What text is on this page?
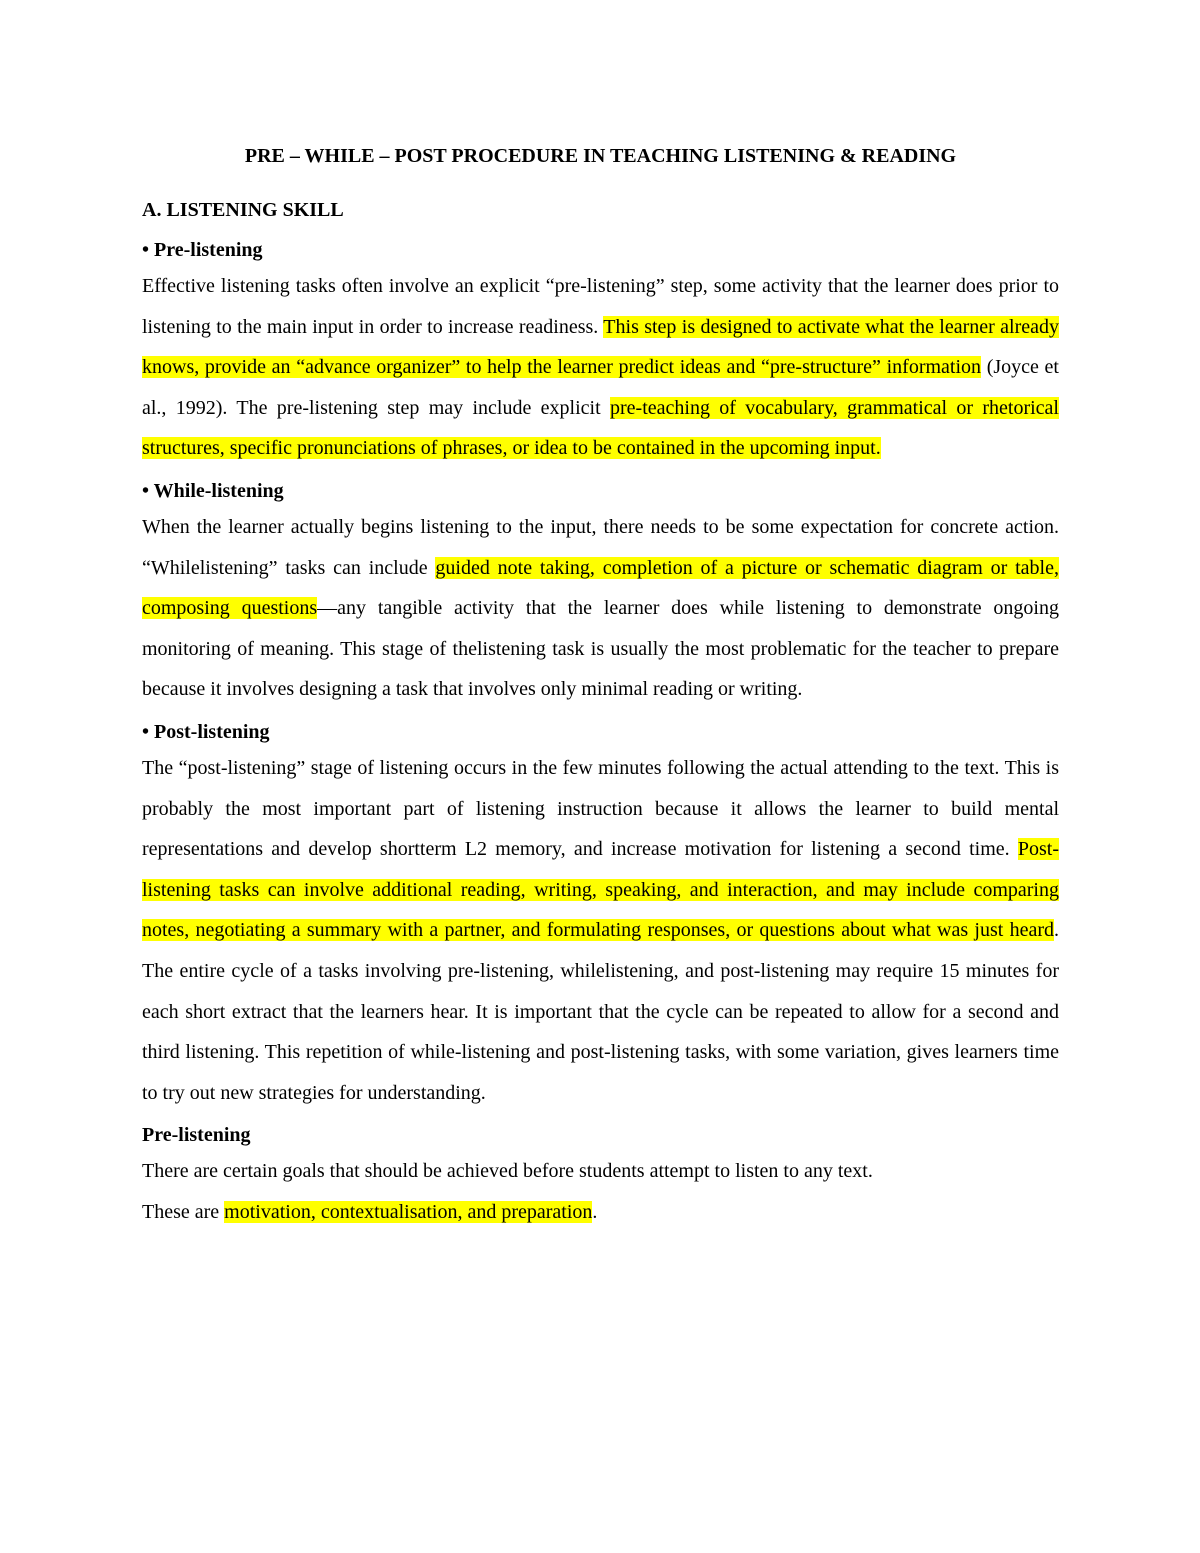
PRE – WHILE – POST PROCEDURE IN TEACHING LISTENING & READING
A. LISTENING SKILL
• Pre-listening

Effective listening tasks often involve an explicit “pre-listening” step, some activity that the learner does prior to listening to the main input in order to increase readiness. This step is designed to activate what the learner already knows, provide an “advance organizer” to help the learner predict ideas and “pre-structure” information (Joyce et al., 1992). The pre-listening step may include explicit pre-teaching of vocabulary, grammatical or rhetorical structures, specific pronunciations of phrases, or idea to be contained in the upcoming input.

• While-listening

When the learner actually begins listening to the input, there needs to be some expectation for concrete action. “Whilelistening” tasks can include guided note taking, completion of a picture or schematic diagram or table, composing questions—any tangible activity that the learner does while listening to demonstrate ongoing monitoring of meaning. This stage of thelistening task is usually the most problematic for the teacher to prepare because it involves designing a task that involves only minimal reading or writing.

• Post-listening

The “post-listening” stage of listening occurs in the few minutes following the actual attending to the text. This is probably the most important part of listening instruction because it allows the learner to build mental representations and develop shortterm L2 memory, and increase motivation for listening a second time. Post-listening tasks can involve additional reading, writing, speaking, and interaction, and may include comparing notes, negotiating a summary with a partner, and formulating responses, or questions about what was just heard. The entire cycle of a tasks involving pre-listening, whilelistening, and post-listening may require 15 minutes for each short extract that the learners hear. It is important that the cycle can be repeated to allow for a second and third listening. This repetition of while-listening and post-listening tasks, with some variation, gives learners time to try out new strategies for understanding.

Pre-listening

There are certain goals that should be achieved before students attempt to listen to any text.

These are motivation, contextualisation, and preparation.
